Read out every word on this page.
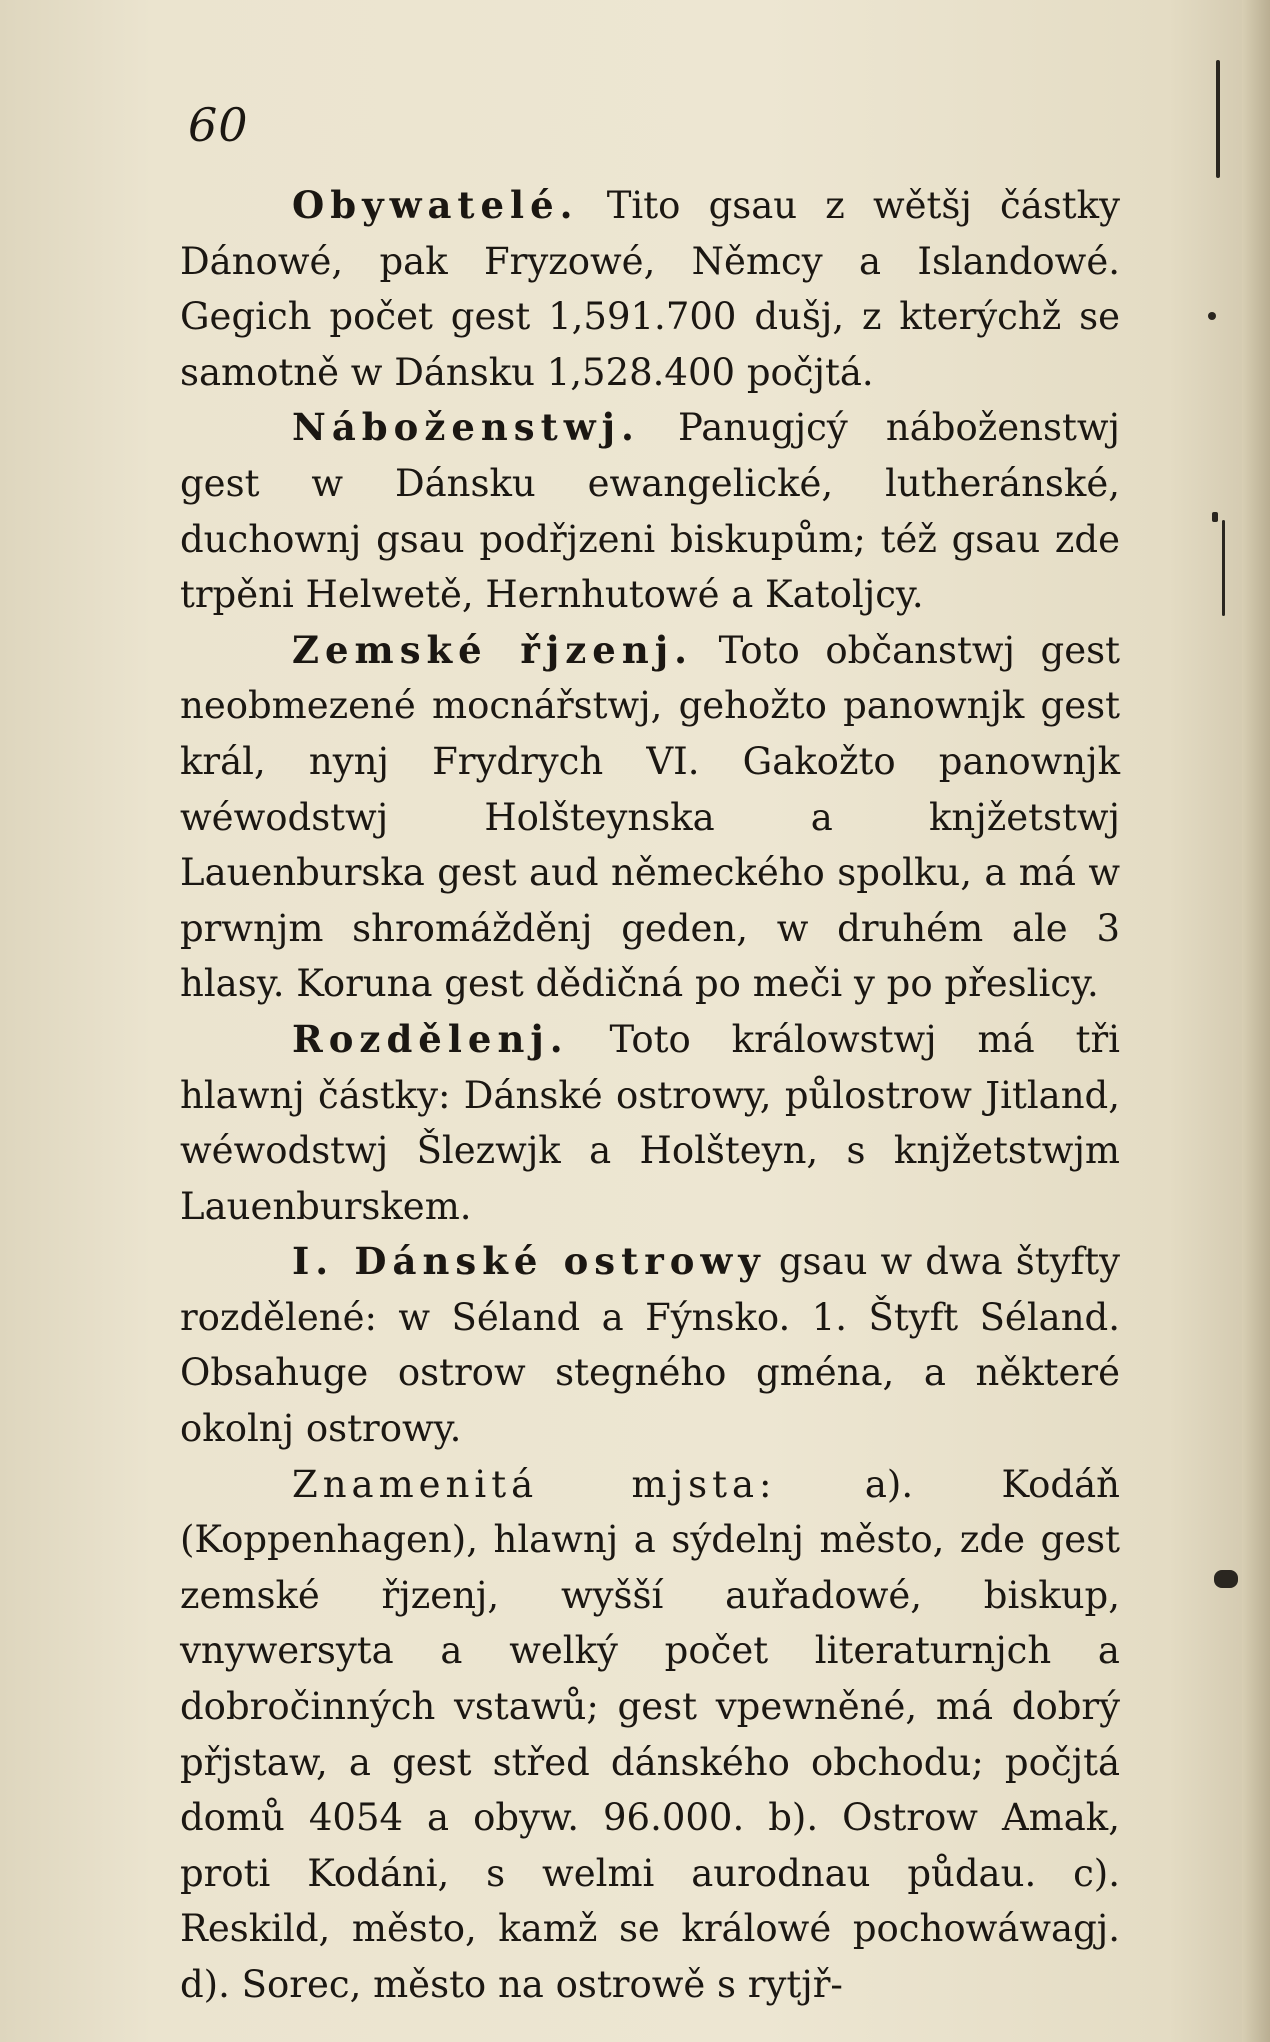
60

Obywatelé. Tito gsau z wětšj částky Dánowé, pak Fryzowé, Němcy a Islandowé. Gegich počet gest 1,591.700 dušj, z kterýchž se samotně w Dánsku 1,528.400 počjtá.

Náboženstwj. Panugjcý náboženstwj gest w Dánsku ewangelické, lutheránské, duchownj gsau podřjzeni biskupům; též gsau zde trpěni Helwetě, Hernhutowé a Katoljcy.

Zemské řjzenj. Toto občanstwj gest neobmezené mocnářstwj, gehožto panownjk gest král, nynj Frydrych VI. Gakožto panownjk wéwodstwj Holšteynska a knjžetstwj Lauenburska gest aud německého spolku, a má w prwnjm shromážděnj geden, w druhém ale 3 hlasy. Koruna gest dědičná po meči y po přeslicy.

Rozdělenj. Toto králowstwj má tři hlawnj částky: Dánské ostrowy, půlostrow Jitland, wéwodstwj Šlezwjk a Holšteyn, s knjžetstwjm Lauenburskem.

I. Dánské ostrowy gsau w dwa štyfty rozdělené: w Séland a Fýnsko. 1. Štyft Séland. Obsahuge ostrow stegného gména, a některé okolnj ostrowy.

Znamenitá mjsta: a). Kodáň (Koppenhagen), hlawnj a sýdelnj město, zde gest zemské řjzenj, wyšší auřadowé, biskup, vnywersyta a welký počet literaturnjch a dobročinných vstawů; gest vpewněné, má dobrý přjstaw, a gest střed dánského obchodu; počjtá domů 4054 a obyw. 96.000. b). Ostrow Amak, proti Kodáni, s welmi aurodnau půdau. c). Reskild, město, kamž se králowé pochowáwagj. d). Sorec, město na ostrowě s rytjř-
